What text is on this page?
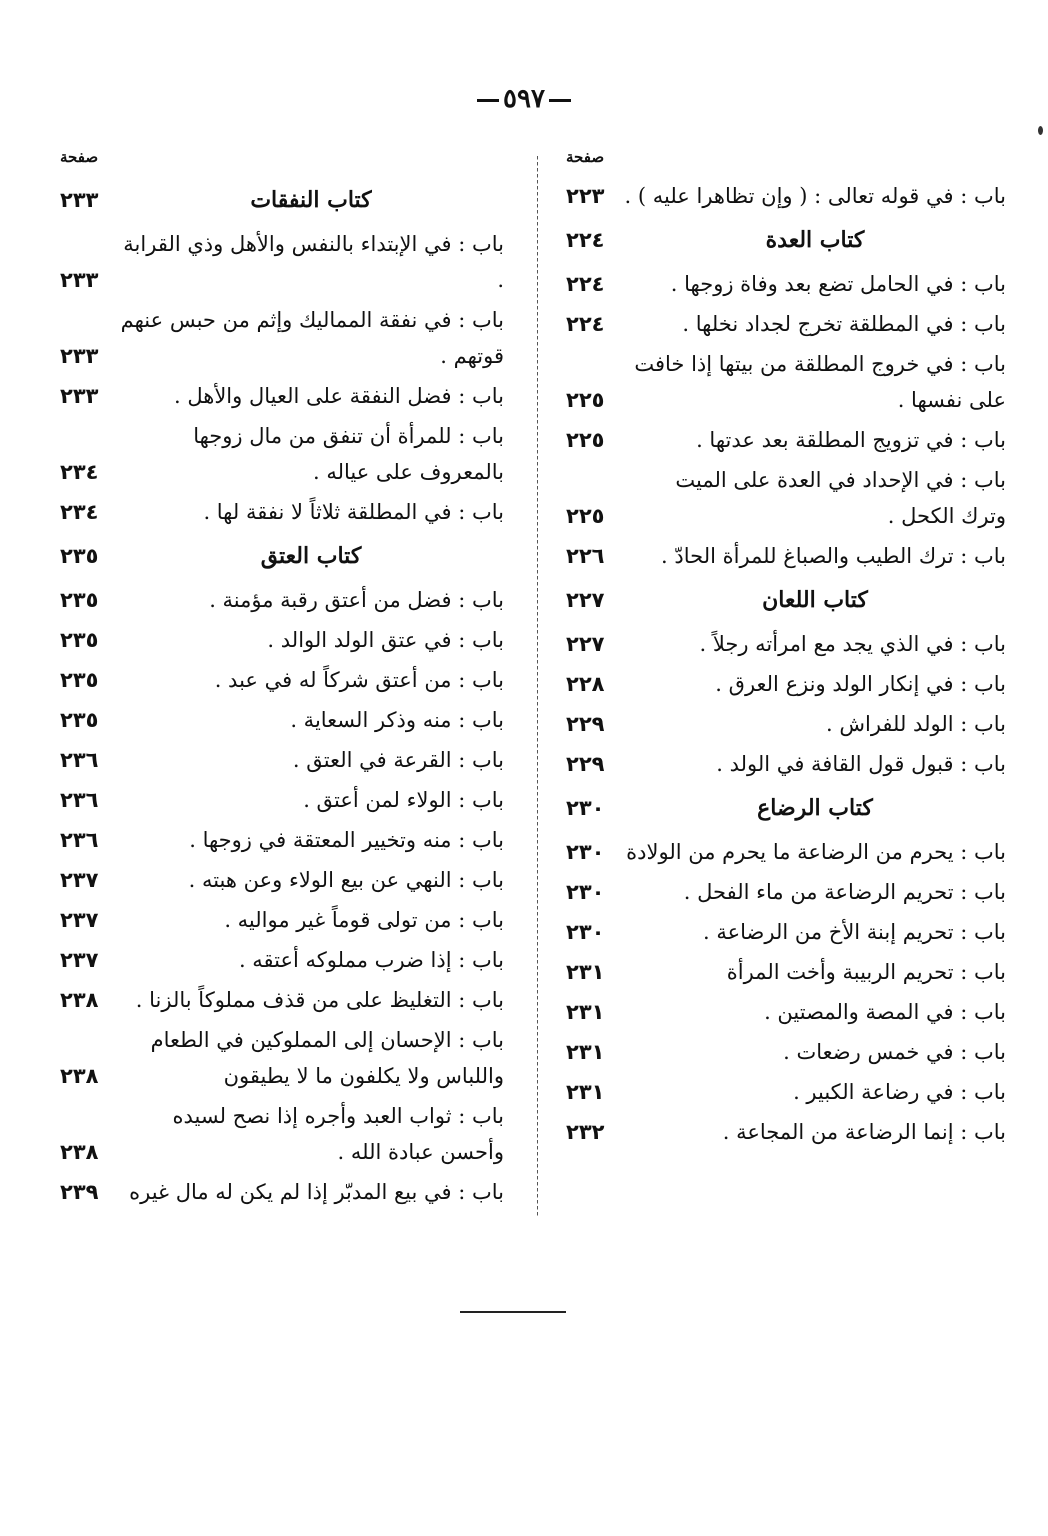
٥٩٧
صفحة
باب : في قوله تعالى : ( وإن تظاهرا عليه ) .
٢٢٣
كتاب العدة
٢٢٤
باب : في الحامل تضع بعد وفاة زوجها .
٢٢٤
باب : في المطلقة تخرج لجداد نخلها .
٢٢٤
باب : في خروج المطلقة من بيتها إذا خافت على نفسها .
٢٢٥
باب : في تزويج المطلقة بعد عدتها .
٢٢٥
باب : في الإحداد في العدة على الميت وترك الكحل .
٢٢٥
باب : ترك الطيب والصباغ للمرأة الحادّ .
٢٢٦
كتاب اللعان
٢٢٧
باب : في الذي يجد مع امرأته رجلاً .
٢٢٧
باب : في إنكار الولد ونزع العرق .
٢٢٨
باب : الولد للفراش .
٢٢٩
باب : قبول قول القافة في الولد .
٢٢٩
كتاب الرضاع
٢٣٠
باب : يحرم من الرضاعة ما يحرم من الولادة
٢٣٠
باب : تحريم الرضاعة من ماء الفحل .
٢٣٠
باب : تحريم إبنة الأخ من الرضاعة .
٢٣٠
باب : تحريم الربيبة وأخت المرأة
٢٣١
باب : في المصة والمصتين .
٢٣١
باب : في خمس رضعات .
٢٣١
باب : في رضاعة الكبير .
٢٣١
باب : إنما الرضاعة من المجاعة .
٢٣٢
صفحة
كتاب النفقات
٢٣٣
باب : في الإبتداء بالنفس والأهل وذي القرابة .
٢٣٣
باب : في نفقة المماليك وإثم من حبس عنهم قوتهم .
٢٣٣
باب : فضل النفقة على العيال والأهل .
٢٣٣
باب : للمرأة أن تنفق من مال زوجها بالمعروف على عياله .
٢٣٤
باب : في المطلقة ثلاثاً لا نفقة لها .
٢٣٤
كتاب العتق
٢٣٥
باب : فضل من أعتق رقبة مؤمنة .
٢٣٥
باب : في عتق الولد الوالد .
٢٣٥
باب : من أعتق شركاً له في عبد .
٢٣٥
باب : منه وذكر السعاية .
٢٣٥
باب : القرعة في العتق .
٢٣٦
باب : الولاء لمن أعتق .
٢٣٦
باب : منه وتخيير المعتقة في زوجها .
٢٣٦
باب : النهي عن بيع الولاء وعن هبته .
٢٣٧
باب : من تولى قوماً غير مواليه .
٢٣٧
باب : إذا ضرب مملوكه أعتقه .
٢٣٧
باب : التغليظ على من قذف مملوكاً بالزنا .
٢٣٨
باب : الإحسان إلى المملوكين في الطعام واللباس ولا يكلفون ما لا يطيقون
٢٣٨
باب : ثواب العبد وأجره إذا نصح لسيده وأحسن عبادة الله .
٢٣٨
باب : في بيع المدبّر إذا لم يكن له مال غيره
٢٣٩
